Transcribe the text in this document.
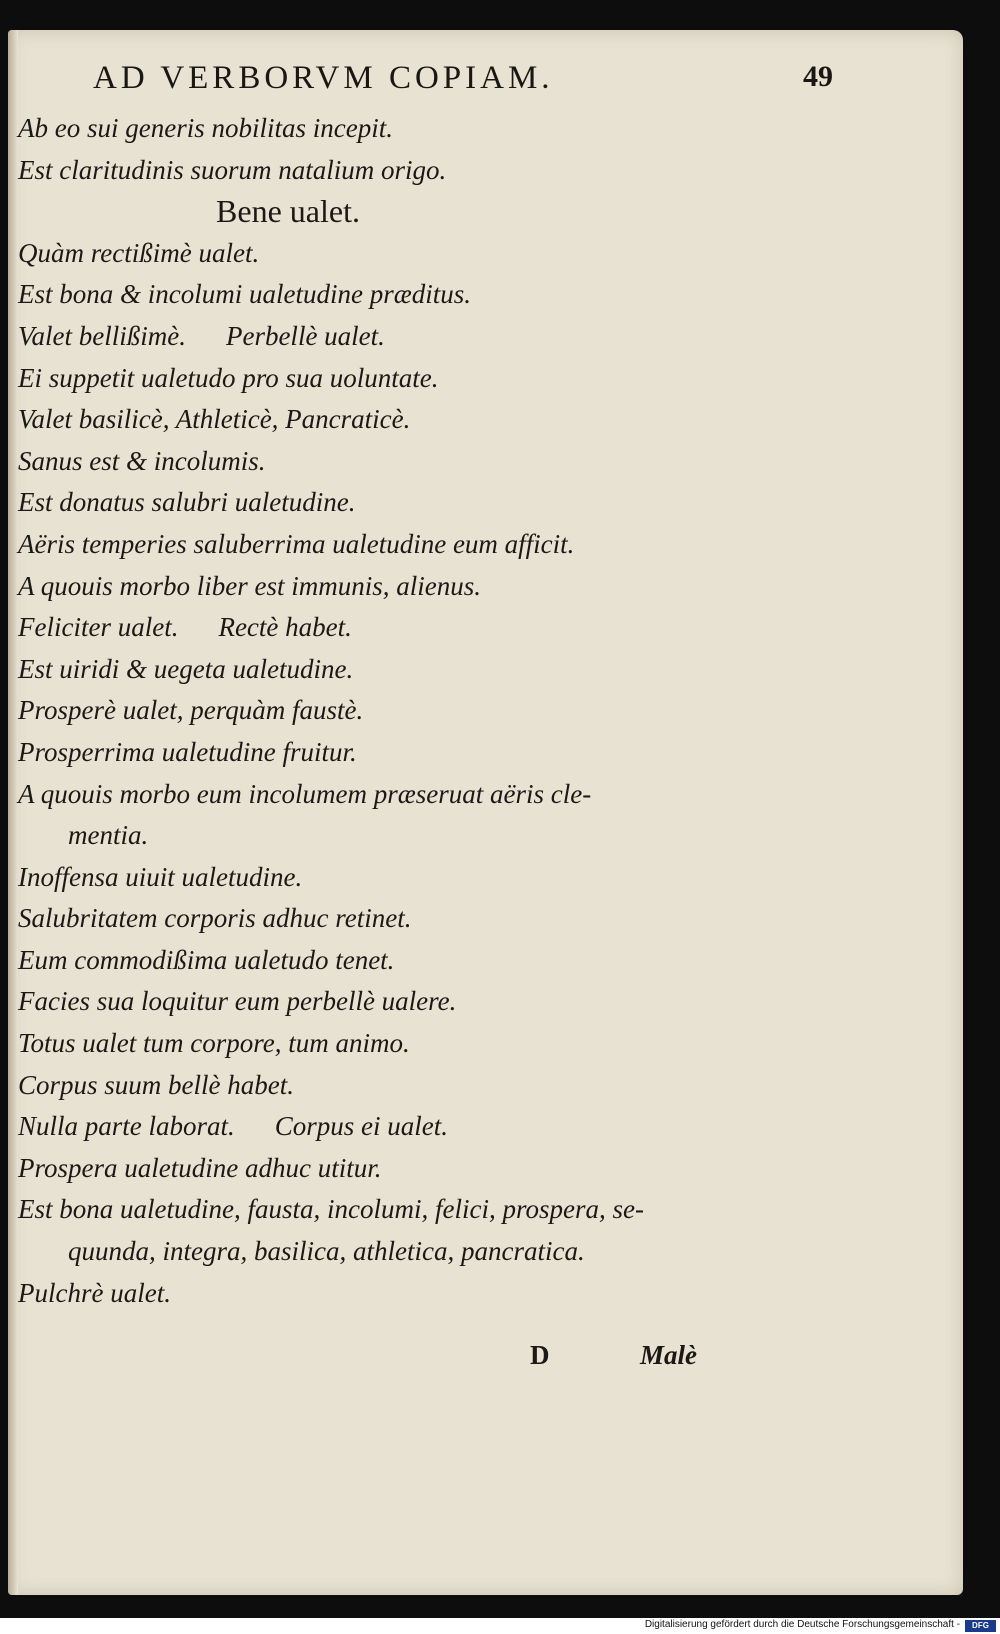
AD VERBORVM COPIAM.	49
Ab eo sui generis nobilitas incepit.
Est claritudinis suorum natalium origo.
Bene ualet.
Quàm rectißimè ualet.
Est bona & incolumi ualetudine præditus.
Valet bellißimè. Perbellè ualet.
Ei suppetit ualetudo pro sua uoluntate.
Valet basilicè, Athleticè, Pancraticè.
Sanus est & incolumis.
Est donatus salubri ualetudine.
Aëris temperies saluberrima ualetudine eum afficit.
A quouis morbo liber est immunis, alienus.
Feliciter ualet. Rectè habet.
Est uiridi & uegeta ualetudine.
Prosperè ualet, perquàm faustè.
Prosperrima ualetudine fruitur.
A quouis morbo eum incolumem præseruat aëris cle-
mentia.
Inoffensa uiuit ualetudine.
Salubritatem corporis adhuc retinet.
Eum commodißima ualetudo tenet.
Facies sua loquitur eum perbellè ualere.
Totus ualet tum corpore, tum animo.
Corpus suum bellè habet.
Nulla parte laborat. Corpus ei ualet.
Prospera ualetudine adhuc utitur.
Est bona ualetudine, fausta, incolumi, felici, prospera, se-
quunda, integra, basilica, athletica, pancratica.
Pulchrè ualet.
D	Malè
Digitalisierung gefördert durch die Deutsche Forschungsgemeinschaft -	DFG
